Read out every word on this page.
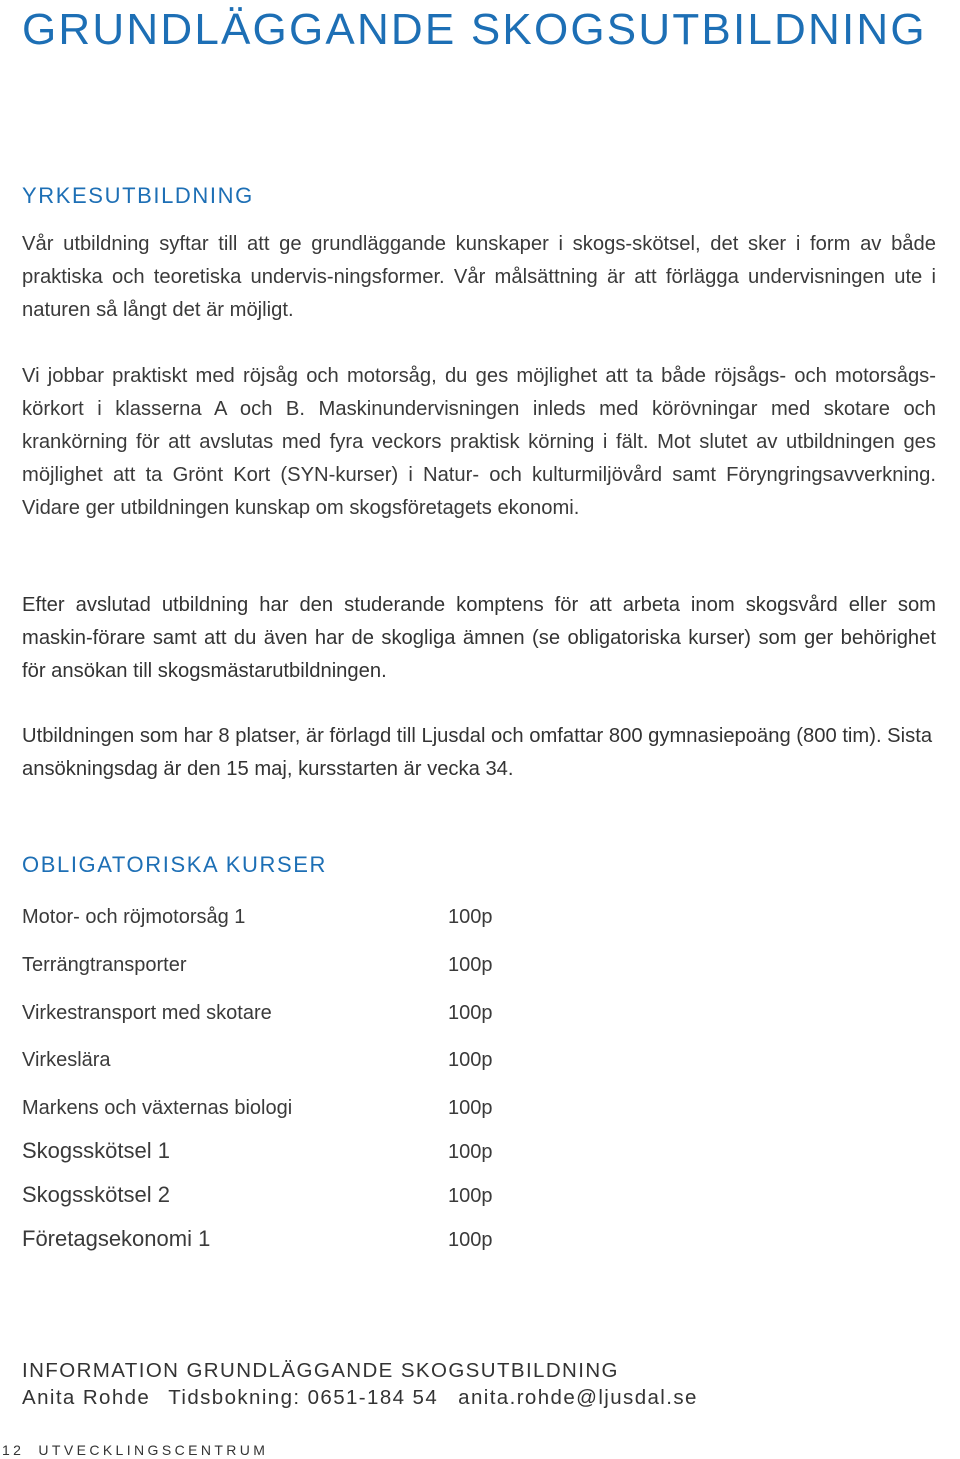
GRUNDLÄGGANDE SKOGSUTBILDNING
YRKESUTBILDNING

Vår utbildning syftar till att ge grundläggande kunskaper i skogs-skötsel, det sker i form av både praktiska och teoretiska undervis-ningsformer. Vår målsättning är att förlägga undervisningen ute i naturen så långt det är möjligt.

Vi jobbar praktiskt med röjsåg och motorsåg, du ges möjlighet att ta både röjsågs- och motorsågs-körkort i klasserna A och B. Maskinundervisningen inleds med körövningar med skotare och krankörning för att avslutas med fyra veckors praktisk körning i fält. Mot slutet av utbildningen ges möjlighet att ta Grönt Kort (SYN-kurser) i Natur- och kulturmiljövård samt Föryngringsavverkning. Vidare ger utbildningen kunskap om skogsföretagets ekonomi.

Efter avslutad utbildning har den studerande komptens för att arbeta inom skogsvård eller som maskin-förare samt att du även har de skogliga ämnen (se obligatoriska kurser) som ger behörighet för ansökan till skogsmästarutbildningen.

Utbildningen som har 8 platser, är förlagd till Ljusdal och omfattar 800 gymnasiepoäng (800 tim). Sista ansökningsdag är den 15 maj, kursstarten är vecka 34.

OBLIGATORISKA KURSER
Motor- och röjmotorsåg 1	100p
Terrängtransporter	100p
Virkestransport med skotare	100p
Virkeslära	100p
Markens och växternas biologi	100p
Skogsskötsel 1	100p
Skogsskötsel 2	100p
Företagsekonomi 1	100p
INFORMATION GRUNDLÄGGANDE SKOGSUTBILDNING
Anita Rohde Tidsbokning: 0651-184 54 anita.rohde@ljusdal.se
12 UTVECKLINGSCENTRUM
